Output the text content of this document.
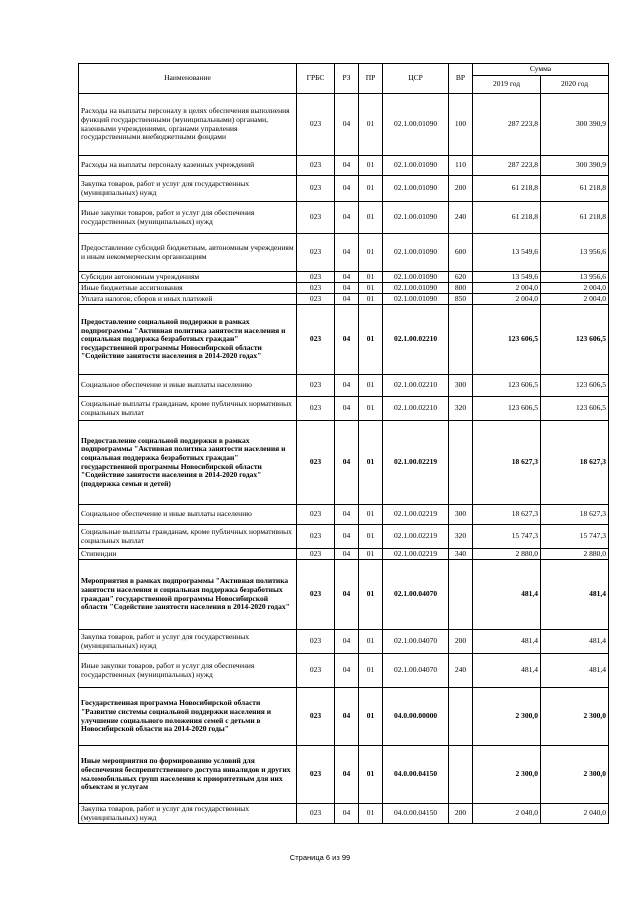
Наименование	ГРБС	РЗ	ПР	ЦСР	ВР	Сумма	
						2019 год	2020 год
Расходы на выплаты персоналу в целях обеспечения выполнения функций государственными (муниципальными) органами, казенными учреждениями, органами управления государственными внебюджетными фондами	023	04	01	02.1.00.01090	100	287 223,8	300 390,9
Расходы на выплаты персоналу казенных учреждений	023	04	01	02.1.00.01090	110	287 223,8	300 390,9
Закупка товаров, работ и услуг для государственных (муниципальных) нужд	023	04	01	02.1.00.01090	200	61 218,8	61 218,8
Иные закупки товаров, работ и услуг для обеспечения государственных (муниципальных) нужд	023	04	01	02.1.00.01090	240	61 218,8	61 218,8
Предоставление субсидий бюджетным, автономным учреждениям и иным некоммерческим организациям	023	04	01	02.1.00.01090	600	13 549,6	13 956,6
Субсидии автономным учреждениям	023	04	01	02.1.00.01090	620	13 549,6	13 956,6
Иные бюджетные ассигнования	023	04	01	02.1.00.01090	800	2 004,0	2 004,0
Уплата налогов, сборов и иных платежей	023	04	01	02.1.00.01090	850	2 004,0	2 004,0
Предоставление социальной поддержки в рамках подпрограммы "Активная политика занятости населения и социальная поддержка безработных граждан" государственной программы Новосибирской области "Содействие занятости населения в 2014-2020 годах"	023	04	01	02.1.00.02210		123 606,5	123 606,5
Социальное обеспечение и иные выплаты населению	023	04	01	02.1.00.02210	300	123 606,5	123 606,5
Социальные выплаты гражданам, кроме публичных нормативных социальных выплат	023	04	01	02.1.00.02210	320	123 606,5	123 606,5
Предоставление социальной поддержки в рамках подпрограммы "Активная политика занятости населения и социальная поддержка безработных граждан" государственной программы Новосибирской области "Содействие занятости населения в 2014-2020 годах" (поддержка семьи и детей)	023	04	01	02.1.00.02219		18 627,3	18 627,3
Социальное обеспечение и иные выплаты населению	023	04	01	02.1.00.02219	300	18 627,3	18 627,3
Социальные выплаты гражданам, кроме публичных нормативных социальных выплат	023	04	01	02.1.00.02219	320	15 747,3	15 747,3
Стипендии	023	04	01	02.1.00.02219	340	2 880,0	2 880,0
Мероприятия в рамках подпрограммы "Активная политика занятости населения и социальная поддержка безработных граждан" государственной программы Новосибирской области "Содействие занятости населения в 2014-2020 годах"	023	04	01	02.1.00.04070		481,4	481,4
Закупка товаров, работ и услуг для государственных (муниципальных) нужд	023	04	01	02.1.00.04070	200	481,4	481,4
Иные закупки товаров, работ и услуг для обеспечения государственных (муниципальных) нужд	023	04	01	02.1.00.04070	240	481,4	481,4
Государственная программа Новосибирской области "Развитие системы социальной поддержки населения и улучшение социального положения семей с детьми в Новосибирской области на 2014-2020 годы"	023	04	01	04.0.00.00000		2 300,0	2 300,0
Иные мероприятия по формированию условий для обеспечения беспрепятственного доступа инвалидов и других маломобильных групп населения к приоритетным для них объектам и услугам	023	04	01	04.0.00.04150		2 300,0	2 300,0
Закупка товаров, работ и услуг для государственных (муниципальных) нужд	023	04	01	04.0.00.04150	200	2 040,0	2 040,0
Страница 6 из 99
